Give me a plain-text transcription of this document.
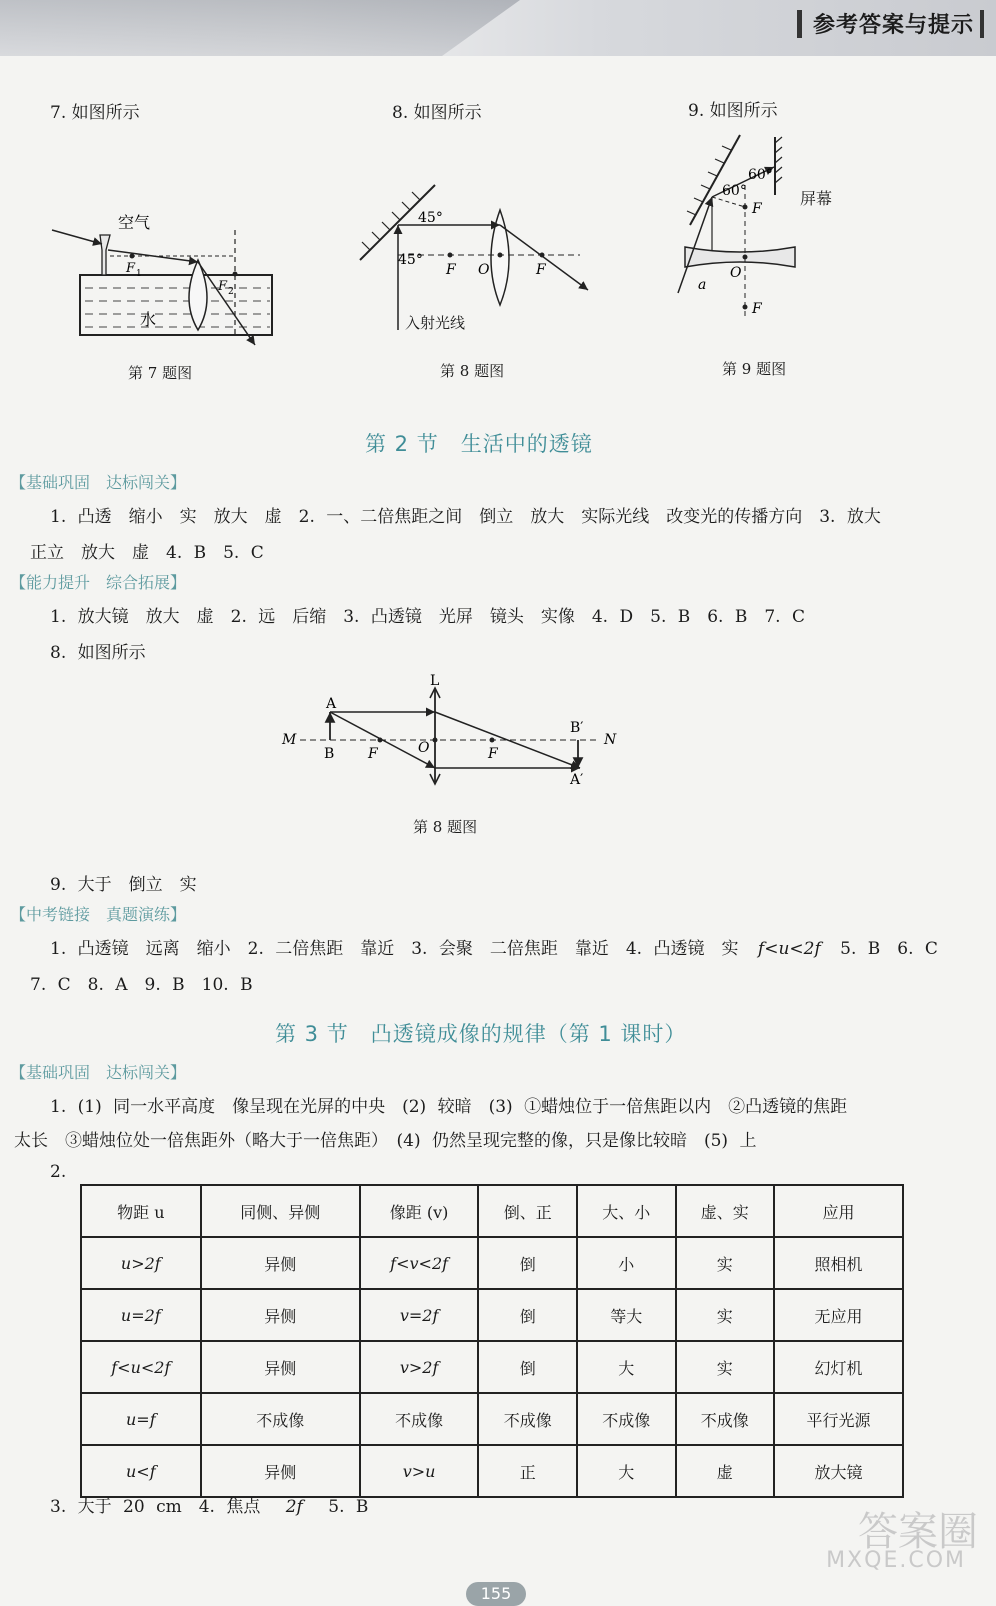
参考答案与提示
7. 如图所示	8. 如图所示	9. 如图所示
空气
水
F 1
F 2
第 7 题图
45°
45°
F O	F
入射光线
第 8 题图
60°
60°
F
O
a
F
屏幕
第 9 题图
第 2 节　生活中的透镜
【基础巩固　达标闯关】
1. 凸透　缩小　实　放大　虚　2. 一、二倍焦距之间　倒立　放大　实际光线　改变光的传播方向　3. 放大
正立　放大　虚　4. B　5. C
【能力提升　综合拓展】
1. 放大镜　放大　虚　2. 远　后缩　3. 凸透镜　光屏　镜头　实像　4. D　5. B　6. B　7. C
8. 如图所示
L
A
M
B F	O	F
B′
N
A′
第 8 题图
9. 大于　倒立　实
【中考链接　真题演练】
1. 凸透镜　远离　缩小　2. 二倍焦距　靠近　3. 会聚　二倍焦距　靠近　4. 凸透镜　实 f<u<2f 5. B　6. C
7. C　8. A　9. B　10. B
第 3 节　凸透镜成像的规律（第 1 课时）
【基础巩固　达标闯关】
1. (1) 同一水平高度　像呈现在光屏的中央　(2) 较暗　(3) ①蜡烛位于一倍焦距以内　②凸透镜的焦距
太长　③蜡烛位处一倍焦距外（略大于一倍焦距）　(4) 仍然呈现完整的像，只是像比较暗　(5) 上
2.
物距 u	同侧、异侧	像距 (v)	倒、正	大、小	虚、实	应用
u>2f	异侧	f<v<2f	倒	小	实	照相机
u=2f	异侧	v=2f	倒	等大	实	无应用
f<u<2f	异侧	v>2f	倒	大	实	幻灯机
u=f	不成像	不成像	不成像	不成像	不成像	平行光源
u<f	异侧	v>u	正	大	虚	放大镜
3. 大于 20 cm　4. 焦点 2f 5. B
答案圈
MXQE.COM
155
